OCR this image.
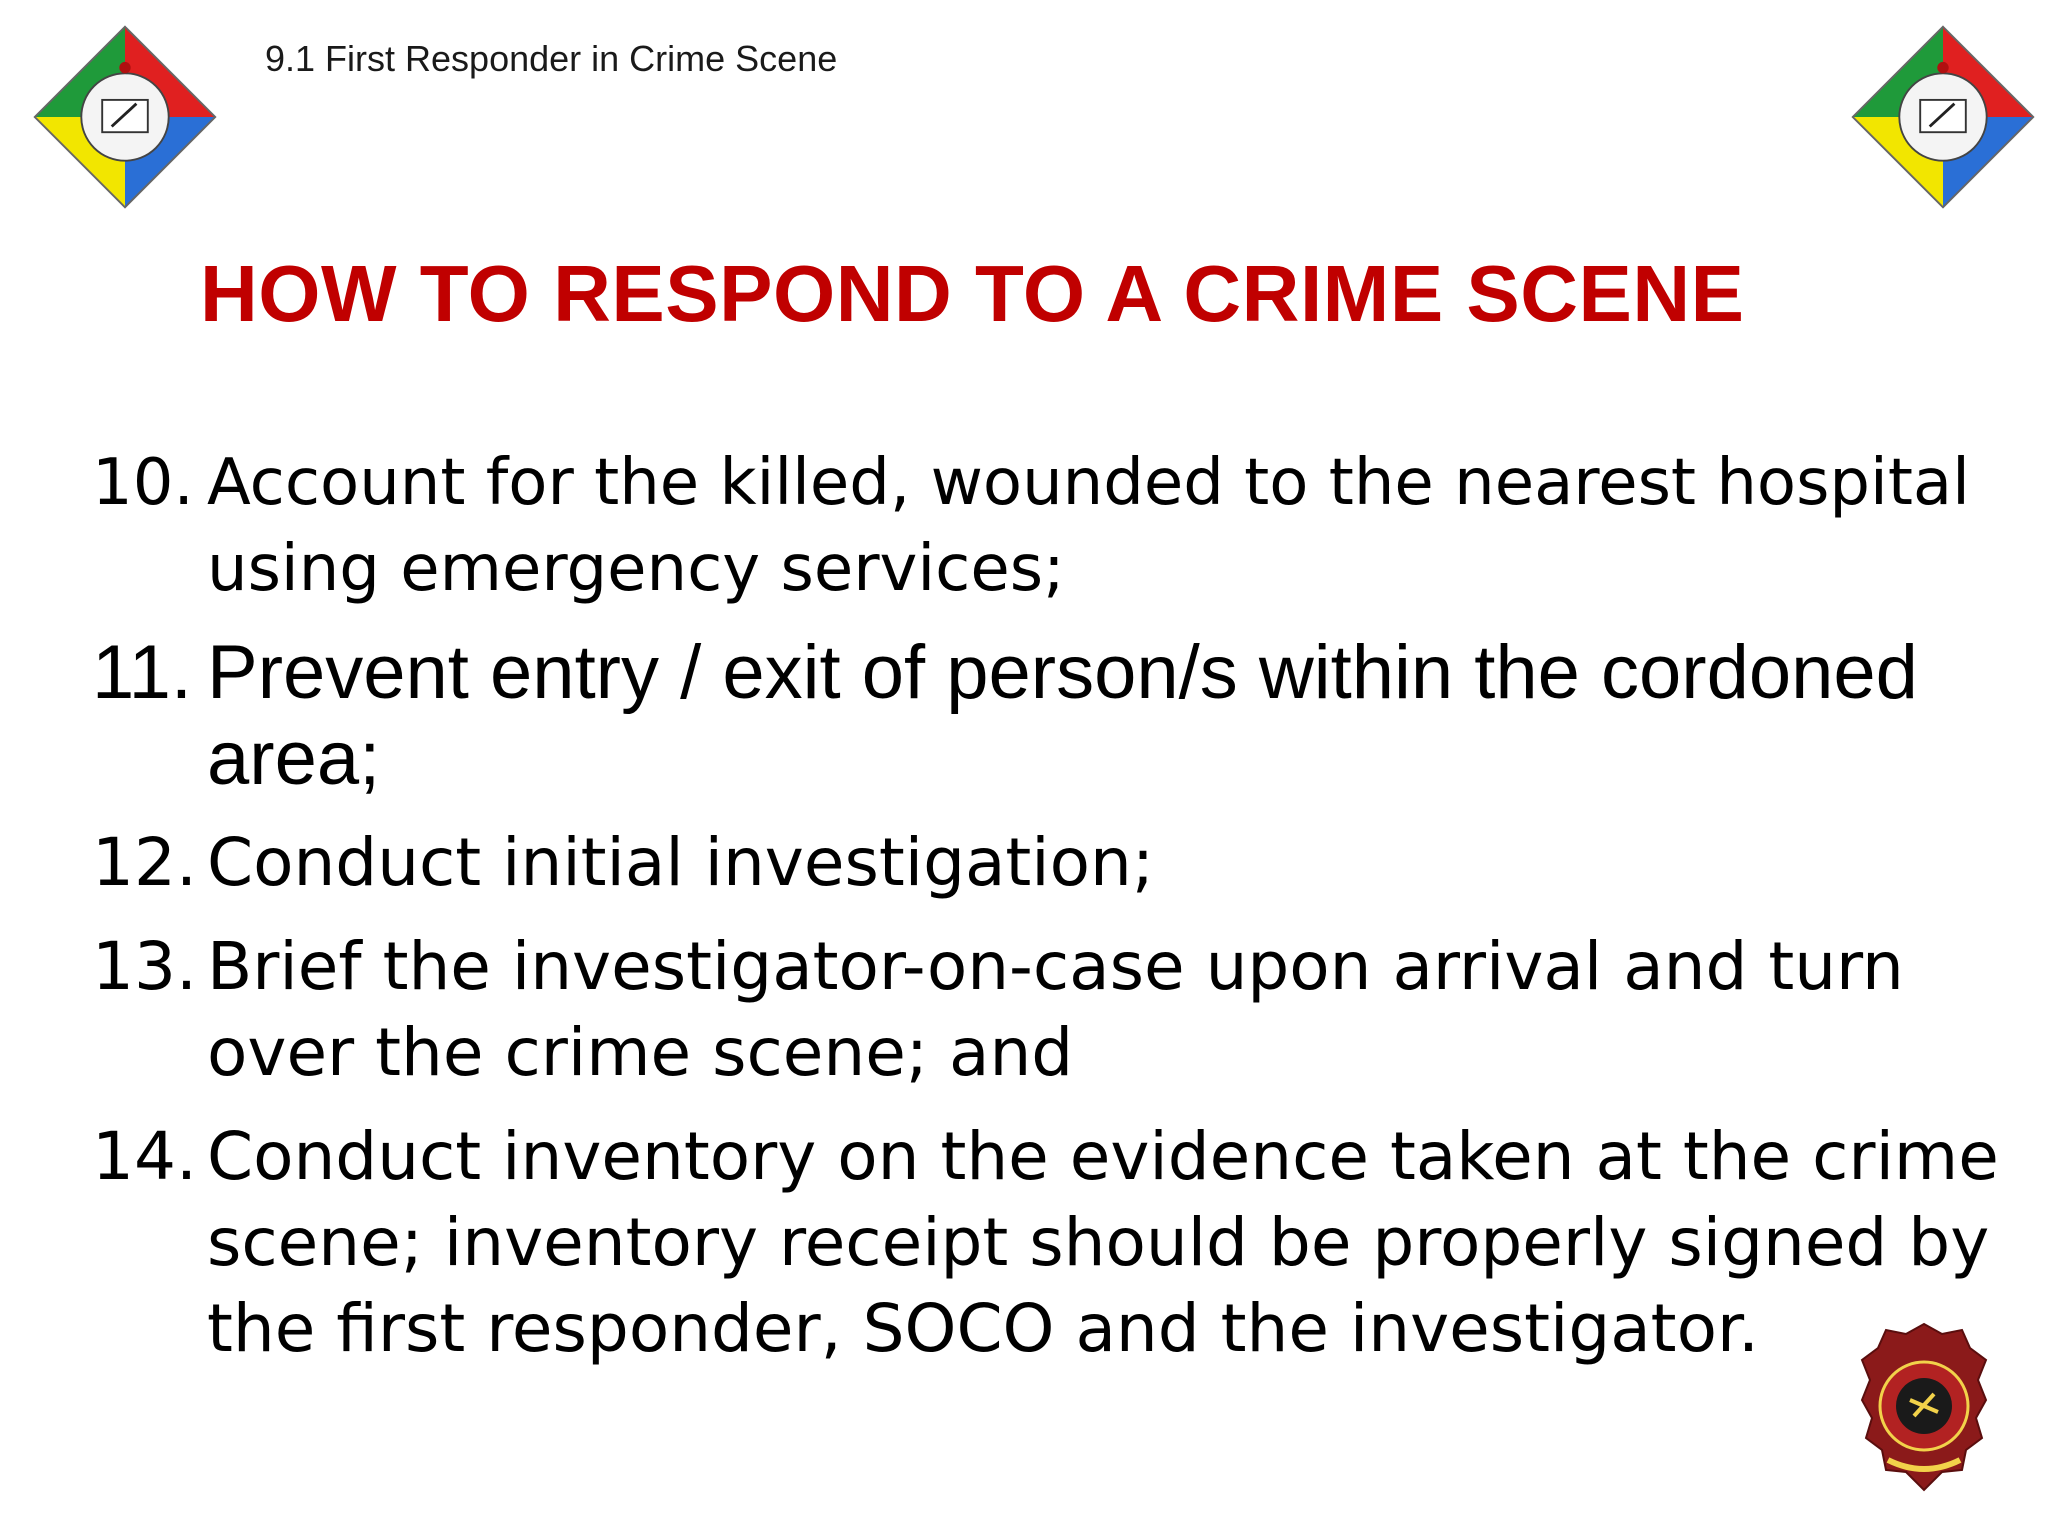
9.1 First Responder in Crime Scene
HOW TO RESPOND TO A CRIME SCENE
10. Account for the killed, wounded to the nearest hospital using emergency services;
11. Prevent entry / exit of person/s within the cordoned area;
12. Conduct initial investigation;
13. Brief the investigator-on-case upon arrival and turn over the crime scene; and
14. Conduct inventory on the evidence taken at the crime scene; inventory receipt should be properly signed by the first responder, SOCO and the investigator.
